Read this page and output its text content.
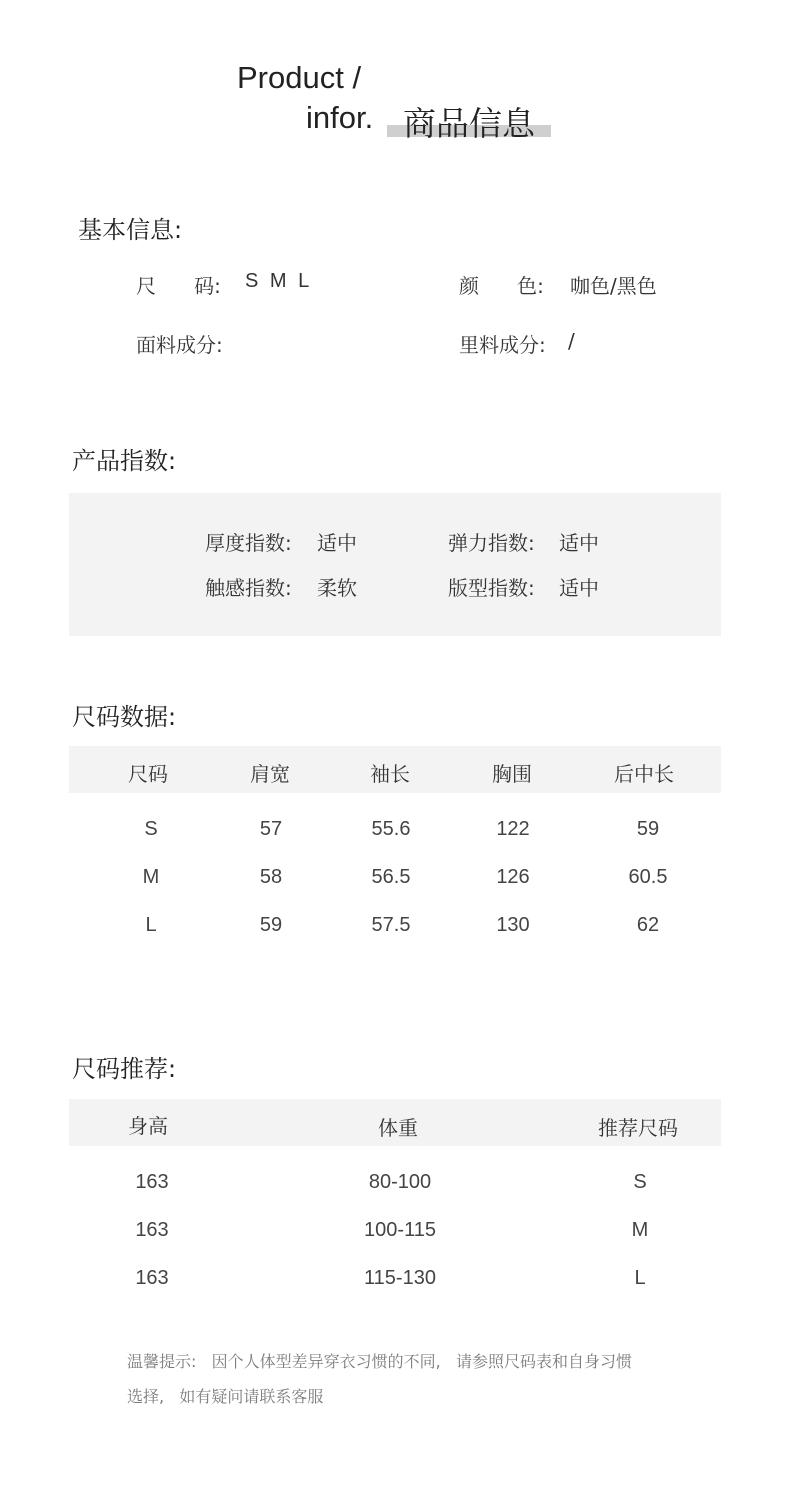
Product /
infor. 商品信息
基本信息:
尺      码: S M L	颜      色: 咖色/黑色
面料成分:	里料成分: /
产品指数:
厚度指数: 适中	弹力指数: 适中
触感指数: 柔软	版型指数: 适中
尺码数据:
尺码	肩宽	袖长	胸围	后中长
S	57	55.6	122	59
M	58	56.5	126	60.5
L	59	57.5	130	62
尺码推荐:
身高	体重	推荐尺码
163	80-100	S
163	100-115	M
163	115-130	L
温馨提示:   因个人体型差异穿衣习惯的不同,   请参照尺码表和自身习惯
选择,   如有疑问请联系客服
